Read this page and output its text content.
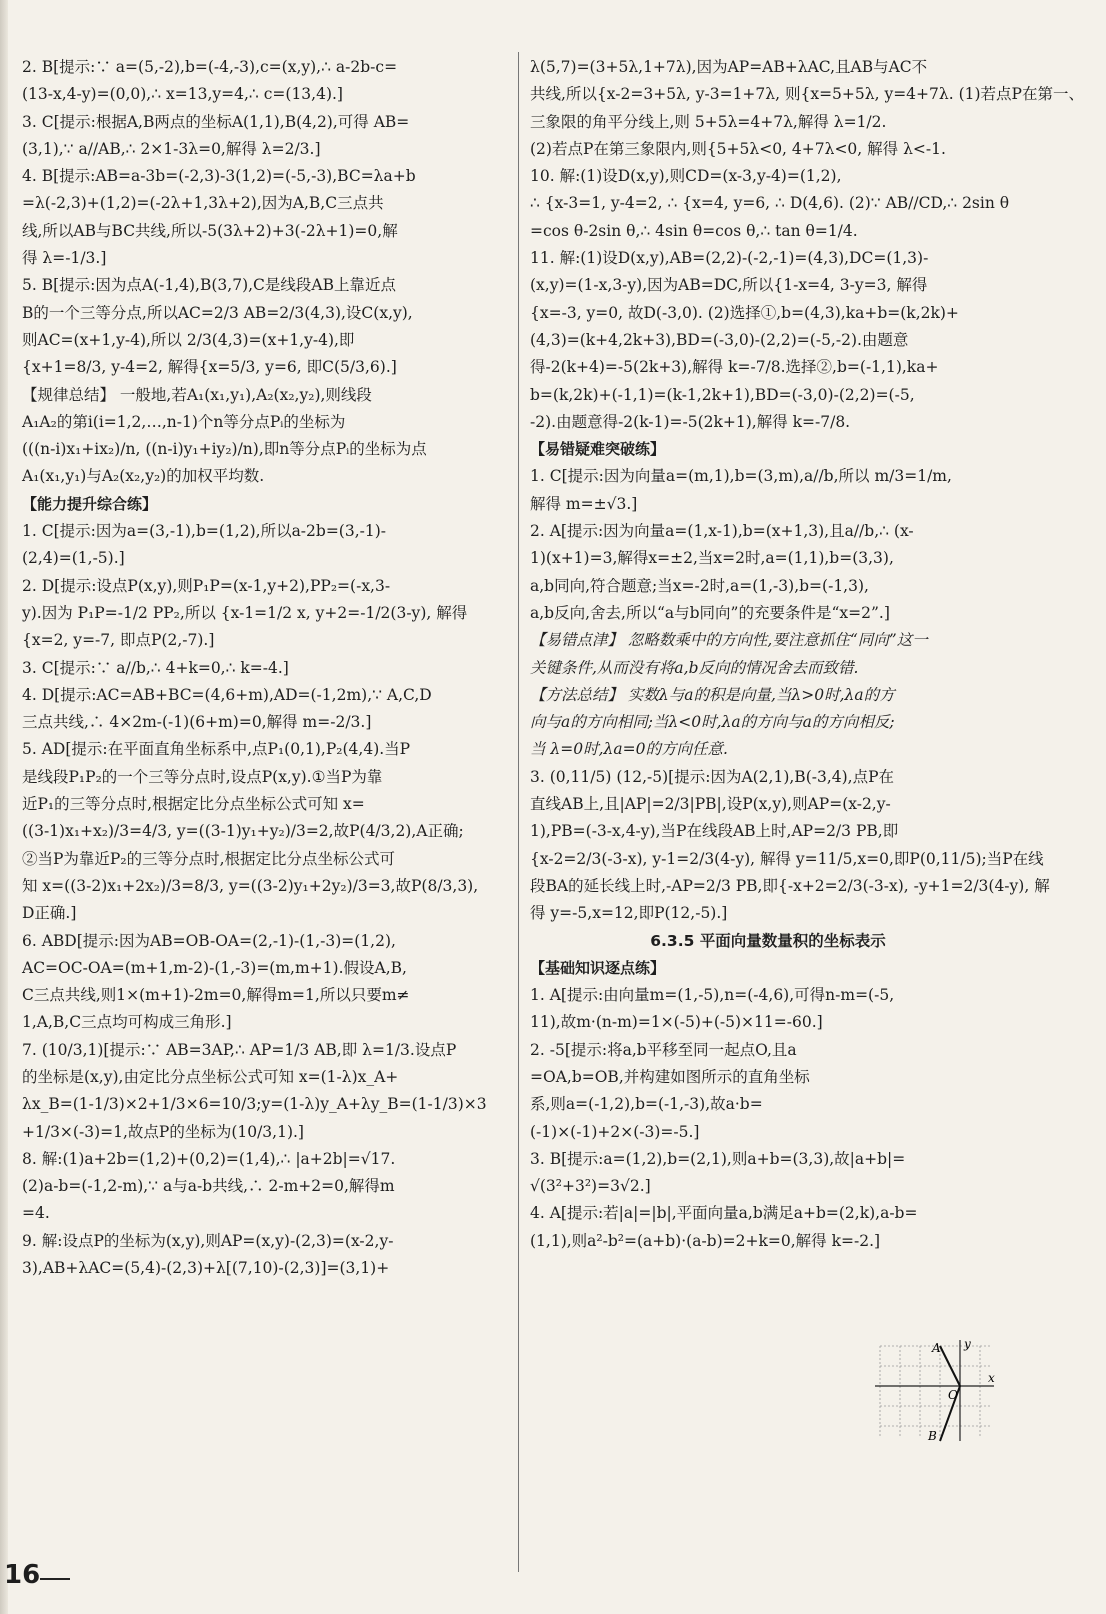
2. B[提示:∵ a=(5,-2),b=(-4,-3),c=(x,y),∴ a-2b-c=
(13-x,4-y)=(0,0),∴ x=13,y=4,∴ c=(13,4).]
3. C[提示:根据A,B两点的坐标A(1,1),B(4,2),可得 AB=
(3,1),∵ a//AB,∴ 2×1-3λ=0,解得 λ=2/3.]
4. B[提示:AB=a-3b=(-2,3)-3(1,2)=(-5,-3),BC=λa+b
=λ(-2,3)+(1,2)=(-2λ+1,3λ+2),因为A,B,C三点共
线,所以AB与BC共线,所以-5(3λ+2)+3(-2λ+1)=0,解
得 λ=-1/3.]
5. B[提示:因为点A(-1,4),B(3,7),C是线段AB上靠近点
B的一个三等分点,所以AC=2/3 AB=2/3(4,3),设C(x,y),
则AC=(x+1,y-4),所以 2/3(4,3)=(x+1,y-4),即
{x+1=8/3, y-4=2, 解得{x=5/3, y=6, 即C(5/3,6).]
【规律总结】 一般地,若A₁(x₁,y₁),A₂(x₂,y₂),则线段
A₁A₂的第i(i=1,2,…,n-1)个n等分点Pᵢ的坐标为
(((n-i)x₁+ix₂)/n, ((n-i)y₁+iy₂)/n),即n等分点Pᵢ的坐标为点
A₁(x₁,y₁)与A₂(x₂,y₂)的加权平均数.
【能力提升综合练】
1. C[提示:因为a=(3,-1),b=(1,2),所以a-2b=(3,-1)-
(2,4)=(1,-5).]
2. D[提示:设点P(x,y),则P₁P=(x-1,y+2),PP₂=(-x,3-
y).因为 P₁P=-1/2 PP₂,所以 {x-1=1/2 x, y+2=-1/2(3-y), 解得
{x=2, y=-7, 即点P(2,-7).]
3. C[提示:∵ a//b,∴ 4+k=0,∴ k=-4.]
4. D[提示:AC=AB+BC=(4,6+m),AD=(-1,2m),∵ A,C,D
三点共线,∴ 4×2m-(-1)(6+m)=0,解得 m=-2/3.]
5. AD[提示:在平面直角坐标系中,点P₁(0,1),P₂(4,4).当P
是线段P₁P₂的一个三等分点时,设点P(x,y).①当P为靠
近P₁的三等分点时,根据定比分点坐标公式可知 x=
((3-1)x₁+x₂)/3=4/3, y=((3-1)y₁+y₂)/3=2,故P(4/3,2),A正确;
②当P为靠近P₂的三等分点时,根据定比分点坐标公式可
知 x=((3-2)x₁+2x₂)/3=8/3, y=((3-2)y₁+2y₂)/3=3,故P(8/3,3),
D正确.]
6. ABD[提示:因为AB=OB-OA=(2,-1)-(1,-3)=(1,2),
AC=OC-OA=(m+1,m-2)-(1,-3)=(m,m+1).假设A,B,
C三点共线,则1×(m+1)-2m=0,解得m=1,所以只要m≠
1,A,B,C三点均可构成三角形.]
7. (10/3,1)[提示:∵ AB=3AP,∴ AP=1/3 AB,即 λ=1/3.设点P
的坐标是(x,y),由定比分点坐标公式可知 x=(1-λ)x_A+
λx_B=(1-1/3)×2+1/3×6=10/3;y=(1-λ)y_A+λy_B=(1-1/3)×3
+1/3×(-3)=1,故点P的坐标为(10/3,1).]
8. 解:(1)a+2b=(1,2)+(0,2)=(1,4),∴ |a+2b|=√17.
(2)a-b=(-1,2-m),∵ a与a-b共线,∴ 2-m+2=0,解得m
=4.
9. 解:设点P的坐标为(x,y),则AP=(x,y)-(2,3)=(x-2,y-
3),AB+λAC=(5,4)-(2,3)+λ[(7,10)-(2,3)]=(3,1)+
λ(5,7)=(3+5λ,1+7λ),因为AP=AB+λAC,且AB与AC不
共线,所以{x-2=3+5λ, y-3=1+7λ, 则{x=5+5λ, y=4+7λ. (1)若点P在第一、
三象限的角平分线上,则 5+5λ=4+7λ,解得 λ=1/2.
(2)若点P在第三象限内,则{5+5λ<0, 4+7λ<0, 解得 λ<-1.
10. 解:(1)设D(x,y),则CD=(x-3,y-4)=(1,2),
∴ {x-3=1, y-4=2, ∴ {x=4, y=6, ∴ D(4,6). (2)∵ AB//CD,∴ 2sin θ
=cos θ-2sin θ,∴ 4sin θ=cos θ,∴ tan θ=1/4.
11. 解:(1)设D(x,y),AB=(2,2)-(-2,-1)=(4,3),DC=(1,3)-
(x,y)=(1-x,3-y),因为AB=DC,所以{1-x=4, 3-y=3, 解得
{x=-3, y=0, 故D(-3,0). (2)选择①,b=(4,3),ka+b=(k,2k)+
(4,3)=(k+4,2k+3),BD=(-3,0)-(2,2)=(-5,-2).由题意
得-2(k+4)=-5(2k+3),解得 k=-7/8.选择②,b=(-1,1),ka+
b=(k,2k)+(-1,1)=(k-1,2k+1),BD=(-3,0)-(2,2)=(-5,
-2).由题意得-2(k-1)=-5(2k+1),解得 k=-7/8.
【易错疑难突破练】
1. C[提示:因为向量a=(m,1),b=(3,m),a//b,所以 m/3=1/m,
解得 m=±√3.]
2. A[提示:因为向量a=(1,x-1),b=(x+1,3),且a//b,∴ (x-
1)(x+1)=3,解得x=±2,当x=2时,a=(1,1),b=(3,3),
a,b同向,符合题意;当x=-2时,a=(1,-3),b=(-1,3),
a,b反向,舍去,所以“a与b同向”的充要条件是“x=2”.]
【易错点津】 忽略数乘中的方向性,要注意抓住“同向”这一
关键条件,从而没有将a,b反向的情况舍去而致错.
【方法总结】 实数λ与a的积是向量,当λ>0时,λa的方
向与a的方向相同;当λ<0时,λa的方向与a的方向相反;
当 λ=0时,λa=0的方向任意.
3. (0,11/5) (12,-5)[提示:因为A(2,1),B(-3,4),点P在
直线AB上,且|AP|=2/3|PB|,设P(x,y),则AP=(x-2,y-
1),PB=(-3-x,4-y),当P在线段AB上时,AP=2/3 PB,即
{x-2=2/3(-3-x), y-1=2/3(4-y), 解得 y=11/5,x=0,即P(0,11/5);当P在线
段BA的延长线上时,-AP=2/3 PB,即{-x+2=2/3(-3-x), -y+1=2/3(4-y), 解
得 y=-5,x=12,即P(12,-5).]
6.3.5 平面向量数量积的坐标表示
【基础知识逐点练】
1. A[提示:由向量m=(1,-5),n=(-4,6),可得n-m=(-5,
11),故m·(n-m)=1×(-5)+(-5)×11=-60.]
2. -5[提示:将a,b平移至同一起点O,且a
=OA,b=OB,并构建如图所示的直角坐标
系,则a=(-1,2),b=(-1,-3),故a·b=
(-1)×(-1)+2×(-3)=-5.]
3. B[提示:a=(1,2),b=(2,1),则a+b=(3,3),故|a+b|=
√(3²+3²)=3√2.]
4. A[提示:若|a|=|b|,平面向量a,b满足a+b=(2,k),a-b=
(1,1),则a²-b²=(a+b)·(a-b)=2+k=0,解得 k=-2.]
A
B
O
x
y
16
